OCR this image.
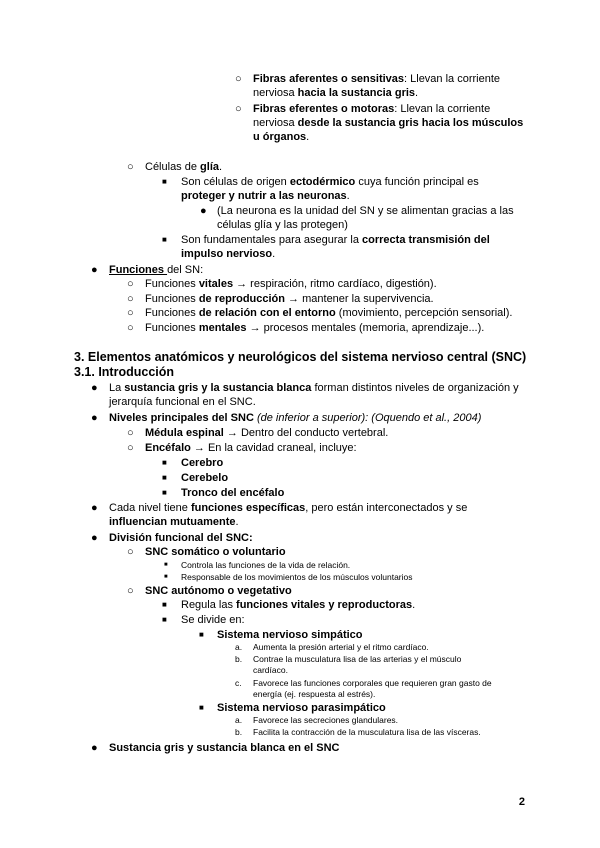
○ Fibras aferentes o sensitivas: Llevan la corriente
nerviosa hacia la sustancia gris.
○ Fibras eferentes o motoras: Llevan la corriente
nerviosa desde la sustancia gris hacia los músculos
u órganos.
○ Células de glía.
■ Son células de origen ectodérmico cuya función principal es
proteger y nutrir a las neuronas.
● (La neurona es la unidad del SN y se alimentan gracias a las
células glía y las protegen)
■ Son fundamentales para asegurar la correcta transmisión del
impulso nervioso.
● Funciones del SN:
○ Funciones vitales → respiración, ritmo cardíaco, digestión).
○ Funciones de reproducción → mantener la supervivencia.
○ Funciones de relación con el entorno (movimiento, percepción sensorial).
○ Funciones mentales → procesos mentales (memoria, aprendizaje...).
3. Elementos anatómicos y neurológicos del sistema nervioso central (SNC)
3.1. Introducción
● La sustancia gris y la sustancia blanca forman distintos niveles de organización y
jerarquía funcional en el SNC.
● Niveles principales del SNC (de inferior a superior): (Oquendo et al., 2004)
○ Médula espinal → Dentro del conducto vertebral.
○ Encéfalo → En la cavidad craneal, incluye:
■ Cerebro
■ Cerebelo
■ Tronco del encéfalo
● Cada nivel tiene funciones específicas, pero están interconectados y se
influencian mutuamente.
● División funcional del SNC:
○ SNC somático o voluntario
■ Controla las funciones de la vida de relación.
■ Responsable de los movimientos de los músculos voluntarios
○ SNC autónomo o vegetativo
■ Regula las funciones vitales y reproductoras.
■ Se divide en:
■ Sistema nervioso simpático
a. Aumenta la presión arterial y el ritmo cardíaco.
b. Contrae la musculatura lisa de las arterias y el músculo
cardíaco.
c. Favorece las funciones corporales que requieren gran gasto de
energía (ej. respuesta al estrés).
■ Sistema nervioso parasimpático
a. Favorece las secreciones glandulares.
b. Facilita la contracción de la musculatura lisa de las vísceras.
● Sustancia gris y sustancia blanca en el SNC
2
